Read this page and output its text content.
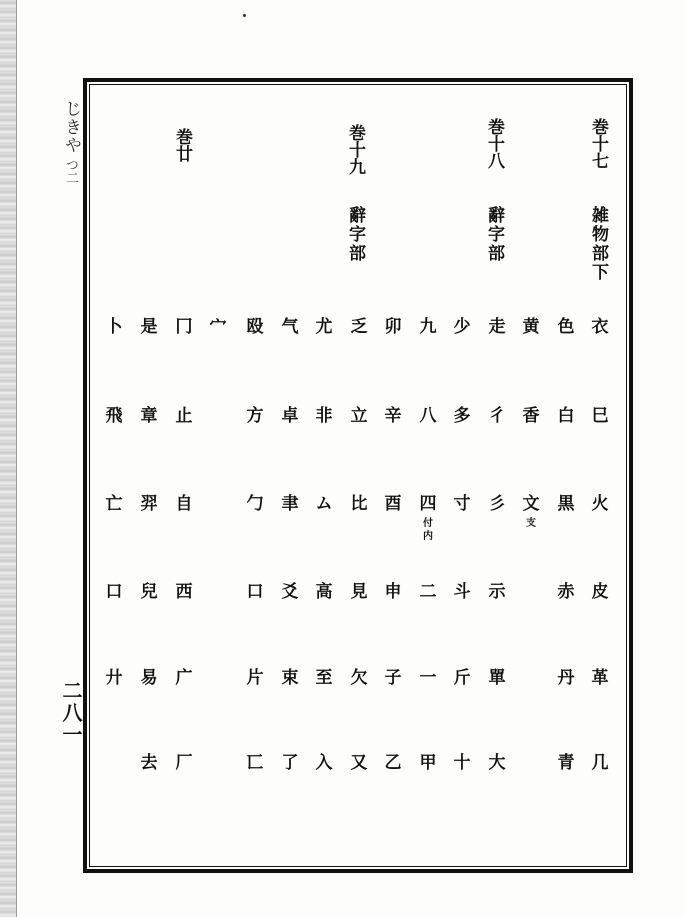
じきや
つ二
二八一
巻十七
雑物部下
巻十八
辭字部
巻十九
辭字部
巻廿
衣
巳
火
皮
革
几
色
白
黒
赤
丹
青
黄
香
文
支
走
彳
彡
示
單
大
少
多
寸
斗
斤
十
九
八
四
二
一
甲
付
内
卯
辛
酉
申
子
乙
乏
立
比
見
欠
又
尤
非
ム
高
至
入
气
卓
聿
爻
束
了
殴
方
勹
口
片
匸
宀
冂
止
自
西
广
厂
是
章
羿
兒
易
去
卜
飛
亡
口
廾
